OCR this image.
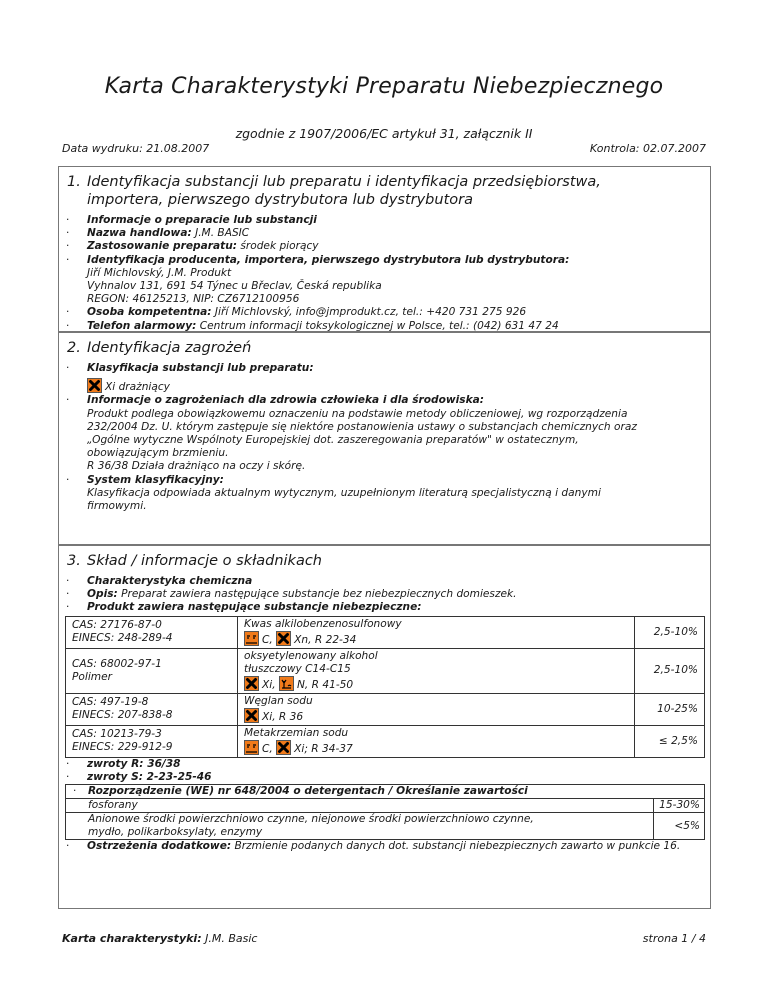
Karta Charakterystyki Preparatu Niebezpiecznego
zgodnie z 1907/2006/EC artykuł 31, załącznik II
Data wydruku: 21.08.2007	Kontrola: 02.07.2007
1. Identyfikacja substancji lub preparatu i identyfikacja przedsiębiorstwa,
importera, pierwszego dystrybutora lub dystrybutora
· Informacje o preparacie lub substancji
· Nazwa handlowa: J.M. BASIC
· Zastosowanie preparatu: środek piorący
· Identyfikacja producenta, importera, pierwszego dystrybutora lub dystrybutora:
Jiří Michlovský, J.M. Produkt
Vyhnalov 131, 691 54 Týnec u Břeclav, Česká republika
REGON: 46125213, NIP: CZ6712100956
· Osoba kompetentna: Jiří Michlovský, info@jmprodukt.cz, tel.: +420 731 275 926
· Telefon alarmowy: Centrum informacji toksykologicznej w Polsce, tel.: (042) 631 47 24
2. Identyfikacja zagrożeń
· Klasyfikacja substancji lub preparatu:
Xi drażniący
· Informacje o zagrożeniach dla zdrowia człowieka i dla środowiska:
Produkt podlega obowiązkowemu oznaczeniu na podstawie metody obliczeniowej, wg rozporządzenia
232/2004 Dz. U. którym zastępuje się niektóre postanowienia ustawy o substancjach chemicznych oraz
„Ogólne wytyczne Wspólnoty Europejskiej dot. zaszeregowania preparatów" w ostatecznym,
obowiązującym brzmieniu.
R 36/38 Działa drażniąco na oczy i skórę.
· System klasyfikacyjny:
Klasyfikacja odpowiada aktualnym wytycznym, uzupełnionym literaturą specjalistyczną i danymi
firmowymi.
3. Skład / informacje o składnikach
· Charakterystyka chemiczna
· Opis: Preparat zawiera następujące substancje bez niebezpiecznych domieszek.
· Produkt zawiera następujące substancje niebezpieczne:
CAS: 27176-87-0
EINECS: 248-289-4	Kwas alkilobenzenosulfonowy
C, Xn, R 22-34	2,5-10%

CAS: 68002-97-1
Polimer	oksyetylenowany alkohol
tłuszczowy C14-C15
Xi, N, R 41-50	2,5-10%

CAS: 497-19-8
EINECS: 207-838-8	Węglan sodu
Xi, R 36	10-25%

CAS: 10213-79-3
EINECS: 229-912-9	Metakrzemian sodu
C, Xi; R 34-37	≤ 2,5%
· zwroty R: 36/38
· zwroty S: 2-23-25-46
· Rozporządzenie (WE) nr 648/2004 o detergentach / Określanie zawartości
fosforany	15-30%

Anionowe środki powierzchniowo czynne, niejonowe środki powierzchniowo czynne,
mydło, polikarboksylaty, enzymy	<5%
· Ostrzeżenia dodatkowe: Brzmienie podanych danych dot. substancji niebezpiecznych zawarto w punkcie 16.
Karta charakterystyki: J.M. Basic	strona 1 / 4
